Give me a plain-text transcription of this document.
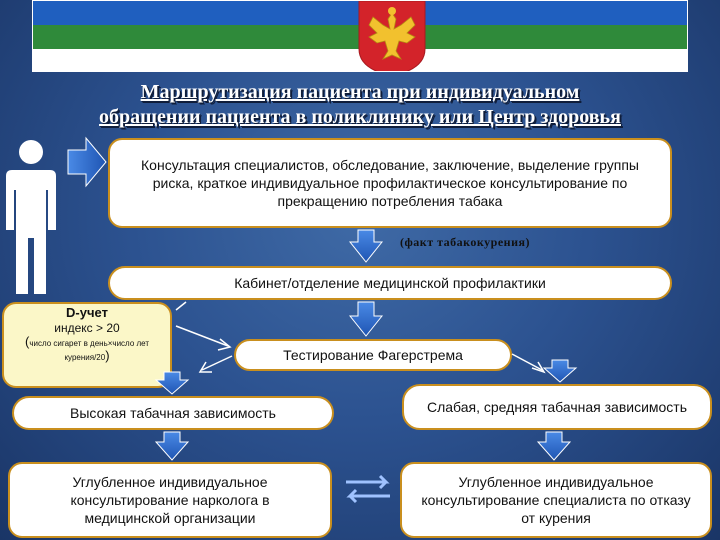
Маршрутизация пациента при индивидуальном
обращении пациента в поликлинику или Центр здоровья
Консультация специалистов, обследование, заключение, выделение группы риска, краткое индивидуальное профилактическое консультирование по прекращению потребления табака
(факт табакокурения)
Кабинет/отделение медицинской профилактики
D-учет
индекс > 20
(число сигарет в день×число лет курения/20)	Тестирование Фагерстрема
Высокая табачная зависимость	Слабая, средняя табачная зависимость
Углубленное индивидуальное консультирование нарколога в медицинской организации
Углубленное индивидуальное консультирование специалиста по отказу от курения
